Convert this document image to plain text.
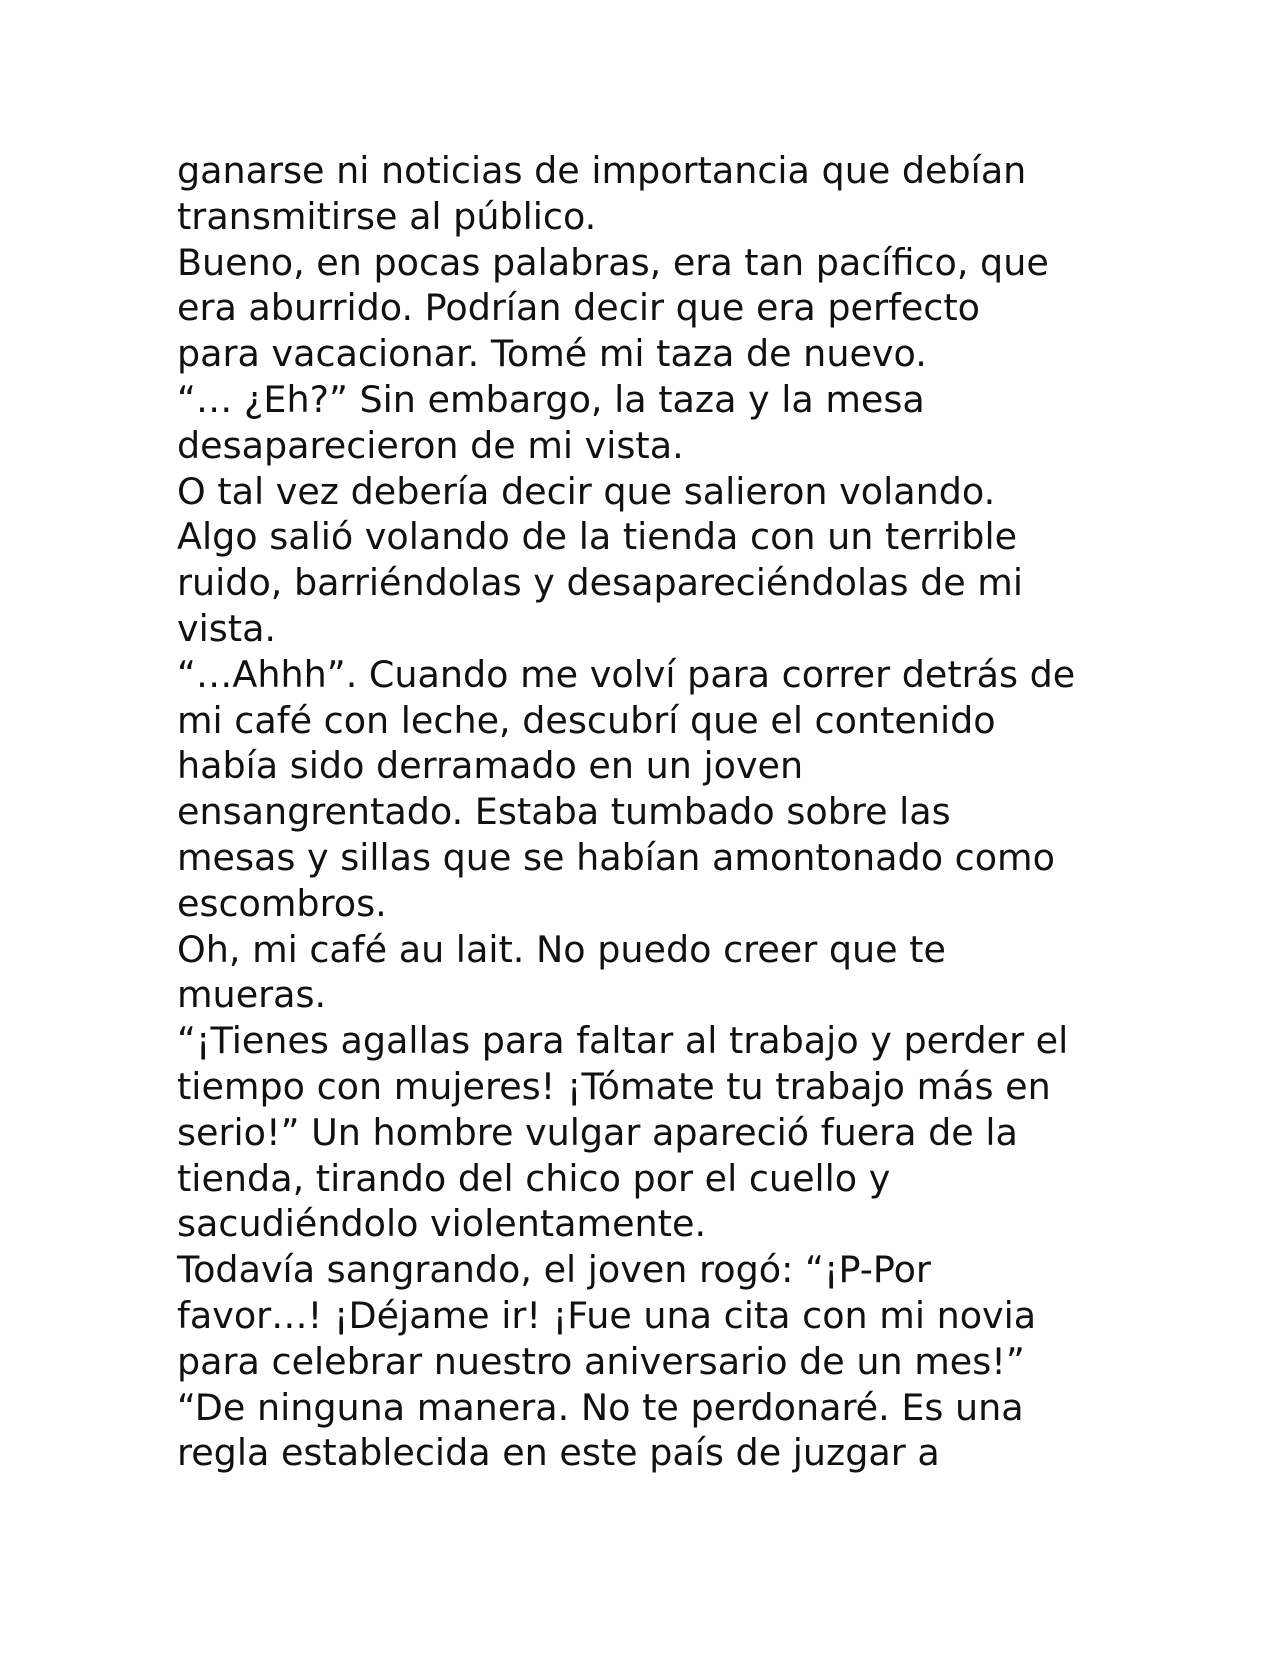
ganarse ni noticias de importancia que debían
transmitirse al público.

Bueno, en pocas palabras, era tan pacífico, que
era aburrido. Podrían decir que era perfecto
para vacacionar. Tomé mi taza de nuevo.

“… ¿Eh?” Sin embargo, la taza y la mesa
desaparecieron de mi vista.

O tal vez debería decir que salieron volando.

Algo salió volando de la tienda con un terrible
ruido, barriéndolas y desapareciéndolas de mi
vista.

“…Ahhh”. Cuando me volví para correr detrás de
mi café con leche, descubrí que el contenido
había sido derramado en un joven
ensangrentado. Estaba tumbado sobre las
mesas y sillas que se habían amontonado como
escombros.

Oh, mi café au lait. No puedo creer que te
mueras.

“¡Tienes agallas para faltar al trabajo y perder el
tiempo con mujeres! ¡Tómate tu trabajo más en
serio!” Un hombre vulgar apareció fuera de la
tienda, tirando del chico por el cuello y
sacudiéndolo violentamente.

Todavía sangrando, el joven rogó: “¡P-Por
favor…! ¡Déjame ir! ¡Fue una cita con mi novia
para celebrar nuestro aniversario de un mes!”

“De ninguna manera. No te perdonaré. Es una
regla establecida en este país de juzgar a
